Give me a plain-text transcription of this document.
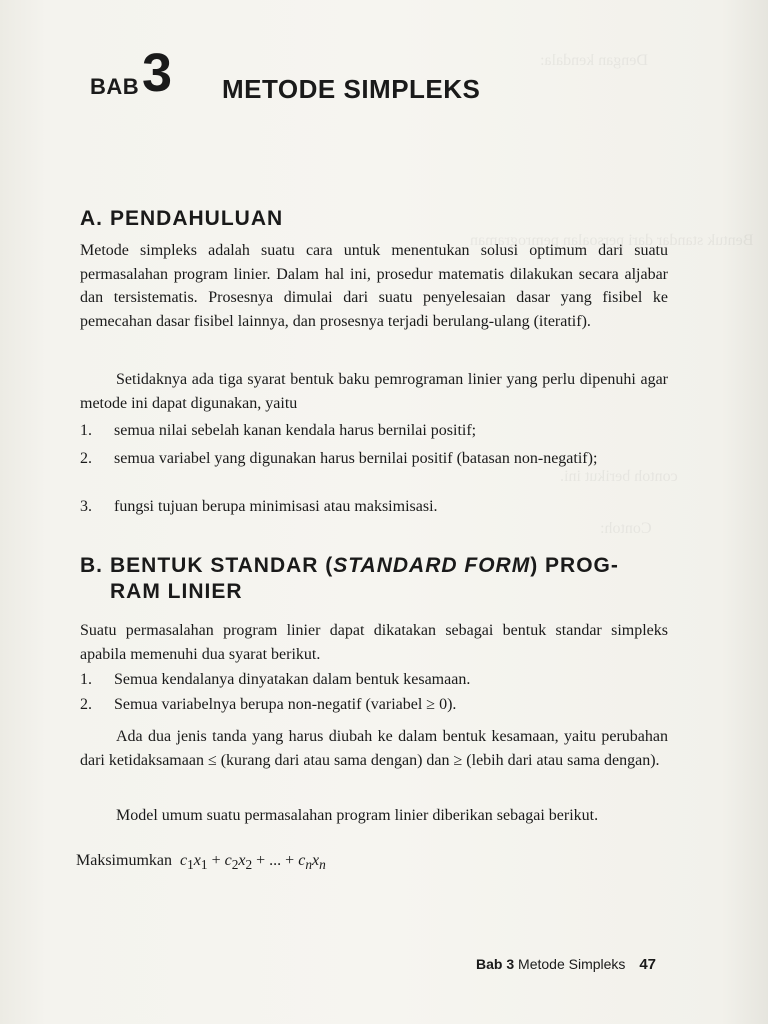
Dengan kendala:
Bentuk standar dari persoalan pemrograman
contoh berikut ini.
Contoh:
BAB 3 METODE SIMPLEKS
A. PENDAHULUAN
Metode simpleks adalah suatu cara untuk menentukan solusi optimum dari suatu permasalahan program linier. Dalam hal ini, prosedur matematis dilakukan secara aljabar dan tersistematis. Prosesnya dimulai dari suatu penyelesaian dasar yang fisibel ke pemecahan dasar fisibel lainnya, dan prosesnya terjadi berulang-ulang (iteratif).
Setidaknya ada tiga syarat bentuk baku pemrograman linier yang perlu dipenuhi agar metode ini dapat digunakan, yaitu
1. semua nilai sebelah kanan kendala harus bernilai positif;
2. semua variabel yang digunakan harus bernilai positif (batasan non-negatif);
3. fungsi tujuan berupa minimisasi atau maksimisasi.
B. BENTUK STANDAR (STANDARD FORM) PROG-
RAM LINIER
Suatu permasalahan program linier dapat dikatakan sebagai bentuk standar simpleks apabila memenuhi dua syarat berikut.
1. Semua kendalanya dinyatakan dalam bentuk kesamaan.
2. Semua variabelnya berupa non-negatif (variabel ≥ 0).
Ada dua jenis tanda yang harus diubah ke dalam bentuk kesamaan, yaitu perubahan dari ketidaksamaan ≤ (kurang dari atau sama dengan) dan ≥ (lebih dari atau sama dengan).
Model umum suatu permasalahan program linier diberikan sebagai berikut.
Maksimumkan $c_1x_1 + c_2x_2$ + ... + $c_nx_n$
Bab 3 Metode Simpleks 47
